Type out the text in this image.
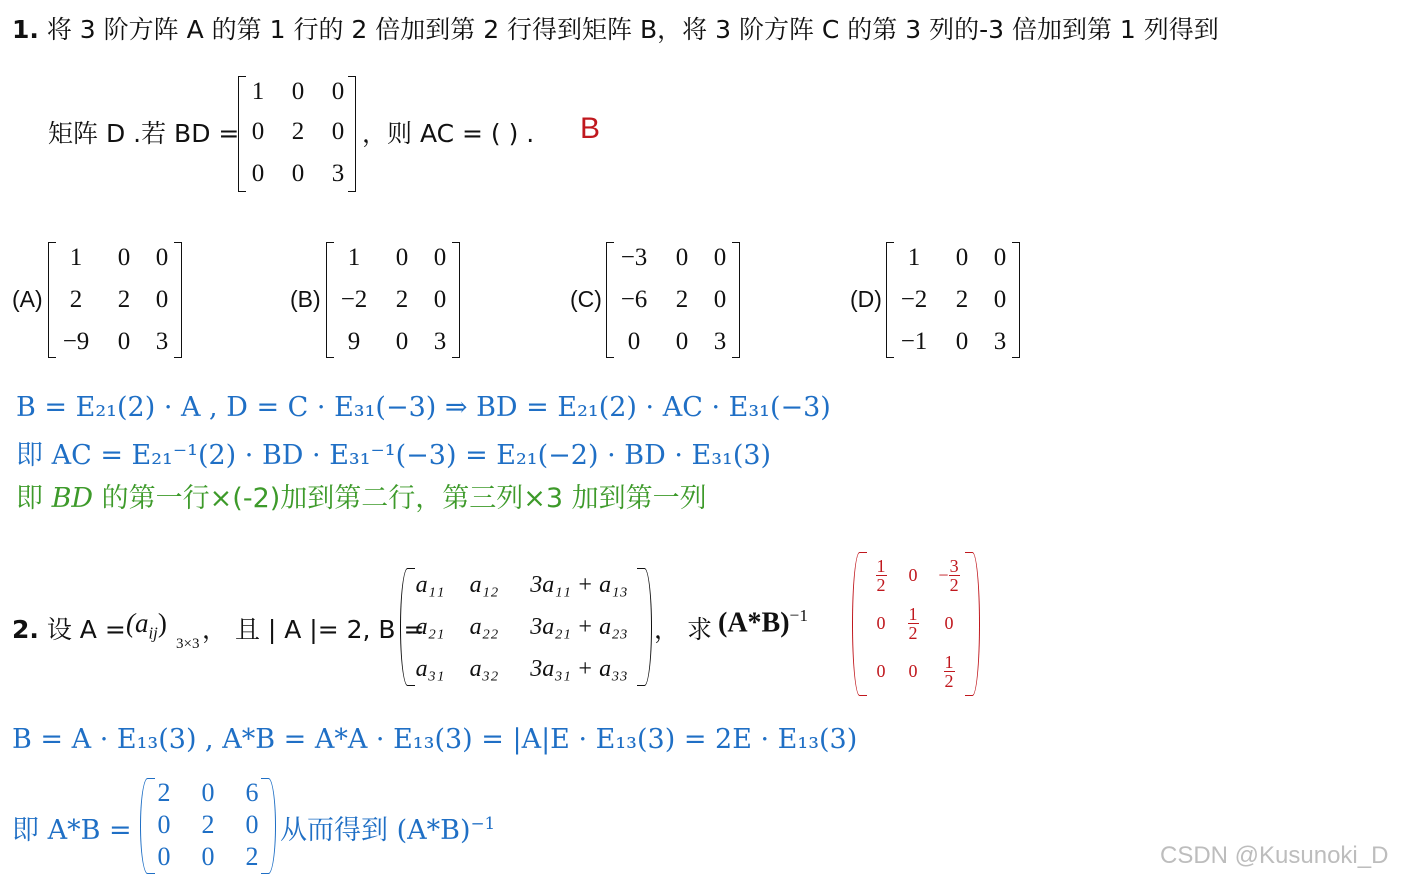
1. 将 3 阶方阵 A 的第 1 行的 2 倍加到第 2 行得到矩阵 B，将 3 阶方阵 C 的第 3 列的-3 倍加到第 1 列得到
矩阵 D .若 BD =
1	0	0
0	2	0
0	0	3
，则 AC = ( ) . B
(A)
1	0	0
2	2	0
−9	0	3
(B)
1	0	0
−2	2	0
9	0	3
(C)
−3	0	0
−6	2	0
0	0	3
(D)
1	0	0
−2	2	0
−1	0	3
B = E₂₁(2) · A , D = C · E₃₁(−3) ⇒ BD = E₂₁(2) · AC · E₃₁(−3)
即 AC = E₂₁⁻¹(2) · BD · E₃₁⁻¹(−3) = E₂₁(−2) · BD · E₃₁(3)
即 BD 的第一行×(-2)加到第二行，第三列×3 加到第一列
2. 设 $A = (a_{ij})$
3×3 ， 且 | A |= 2, B =
a₁₁	a₁₂	3a₁₁ + a₁₃
a₂₁	a₂₂	3a₂₁ + a₂₃
a₃₁	a₃₂	3a₃₁ + a₃₃
， 求 $(A*B)^{-1}$
$\frac{1}{2}$	0	− $\frac{3}{2}$
0	$\frac{1}{2}$	0
0	0	$\frac{1}{2}$
B = A · E₁₃(3) , A*B = A*A · E₁₃(3) = |A|E · E₁₃(3) = 2E · E₁₃(3)
即 A*B =
2 0 6
0 2 0
0 0 2
从而得到 $(A*B)^{-1}$
CSDN @Kusunoki_D
